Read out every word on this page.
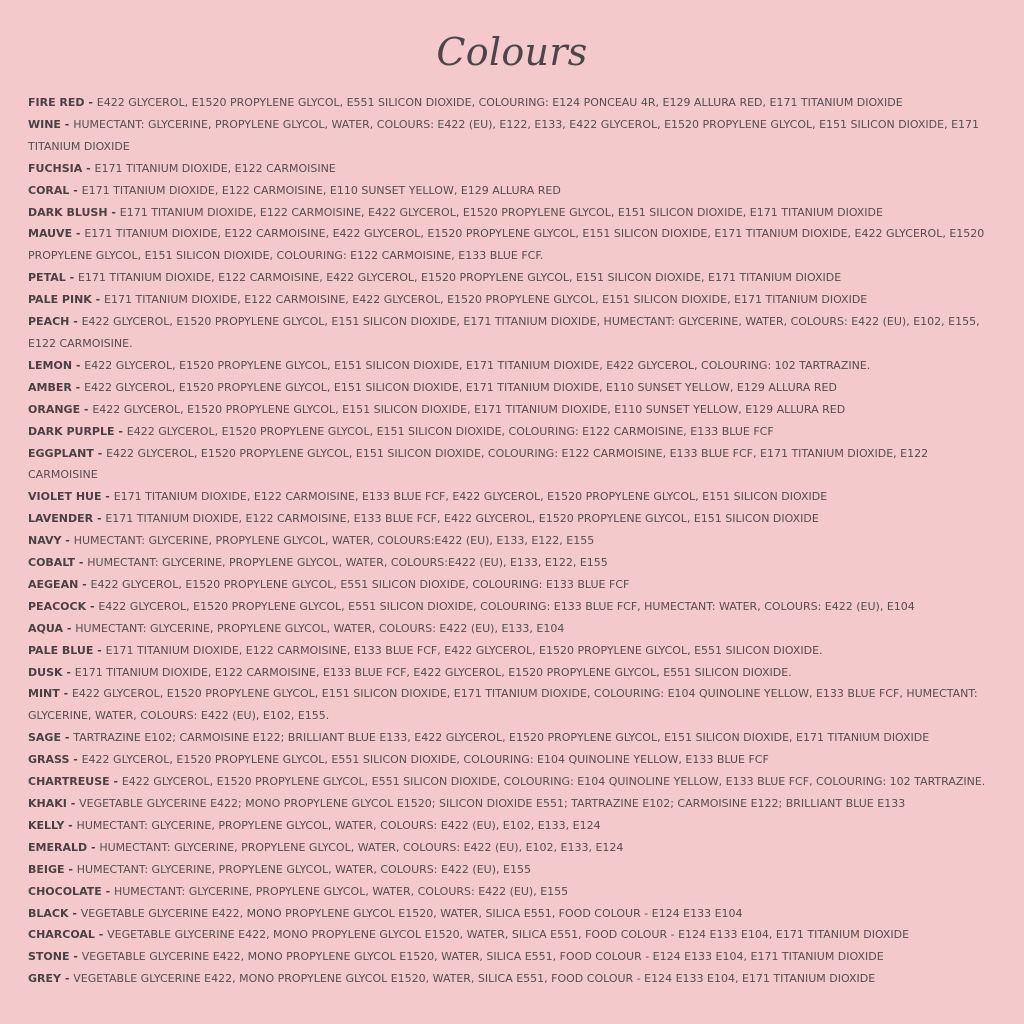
Colours
FIRE RED - E422 GLYCEROL, E1520 PROPYLENE GLYCOL, E551 SILICON DIOXIDE, COLOURING: E124 PONCEAU 4R, E129 ALLURA RED, E171 TITANIUM DIOXIDE
WINE - HUMECTANT: GLYCERINE, PROPYLENE GLYCOL, WATER, COLOURS: E422 (EU), E122, E133, E422 GLYCEROL, E1520 PROPYLENE GLYCOL, E151 SILICON DIOXIDE, E171 TITANIUM DIOXIDE
FUCHSIA - E171 TITANIUM DIOXIDE, E122 CARMOISINE
CORAL - E171 TITANIUM DIOXIDE, E122 CARMOISINE, E110 SUNSET YELLOW, E129 ALLURA RED
DARK BLUSH - E171 TITANIUM DIOXIDE, E122 CARMOISINE, E422 GLYCEROL, E1520 PROPYLENE GLYCOL, E151 SILICON DIOXIDE, E171 TITANIUM DIOXIDE
MAUVE - E171 TITANIUM DIOXIDE, E122 CARMOISINE, E422 GLYCEROL, E1520 PROPYLENE GLYCOL, E151 SILICON DIOXIDE, E171 TITANIUM DIOXIDE, E422 GLYCEROL, E1520 PROPYLENE GLYCOL, E151 SILICON DIOXIDE, COLOURING: E122 CARMOISINE, E133 BLUE FCF.
PETAL - E171 TITANIUM DIOXIDE, E122 CARMOISINE, E422 GLYCEROL, E1520 PROPYLENE GLYCOL, E151 SILICON DIOXIDE, E171 TITANIUM DIOXIDE
PALE PINK - E171 TITANIUM DIOXIDE, E122 CARMOISINE, E422 GLYCEROL, E1520 PROPYLENE GLYCOL, E151 SILICON DIOXIDE, E171 TITANIUM DIOXIDE
PEACH - E422 GLYCEROL, E1520 PROPYLENE GLYCOL, E151 SILICON DIOXIDE, E171 TITANIUM DIOXIDE, HUMECTANT: GLYCERINE, WATER, COLOURS: E422 (EU), E102, E155, E122 CARMOISINE.
LEMON - E422 GLYCEROL, E1520 PROPYLENE GLYCOL, E151 SILICON DIOXIDE, E171 TITANIUM DIOXIDE, E422 GLYCEROL, COLOURING: 102 TARTRAZINE.
AMBER - E422 GLYCEROL, E1520 PROPYLENE GLYCOL, E151 SILICON DIOXIDE, E171 TITANIUM DIOXIDE, E110 SUNSET YELLOW, E129 ALLURA RED
ORANGE - E422 GLYCEROL, E1520 PROPYLENE GLYCOL, E151 SILICON DIOXIDE, E171 TITANIUM DIOXIDE, E110 SUNSET YELLOW, E129 ALLURA RED
DARK PURPLE - E422 GLYCEROL, E1520 PROPYLENE GLYCOL, E151 SILICON DIOXIDE, COLOURING: E122 CARMOISINE, E133 BLUE FCF
EGGPLANT - E422 GLYCEROL, E1520 PROPYLENE GLYCOL, E151 SILICON DIOXIDE, COLOURING: E122 CARMOISINE, E133 BLUE FCF, E171 TITANIUM DIOXIDE, E122 CARMOISINE
VIOLET HUE - E171 TITANIUM DIOXIDE, E122 CARMOISINE, E133 BLUE FCF, E422 GLYCEROL, E1520 PROPYLENE GLYCOL, E151 SILICON DIOXIDE
LAVENDER - E171 TITANIUM DIOXIDE, E122 CARMOISINE, E133 BLUE FCF, E422 GLYCEROL, E1520 PROPYLENE GLYCOL, E151 SILICON DIOXIDE
NAVY - HUMECTANT: GLYCERINE, PROPYLENE GLYCOL, WATER, COLOURS:E422 (EU), E133, E122, E155
COBALT - HUMECTANT: GLYCERINE, PROPYLENE GLYCOL, WATER, COLOURS:E422 (EU), E133, E122, E155
AEGEAN - E422 GLYCEROL, E1520 PROPYLENE GLYCOL, E551 SILICON DIOXIDE, COLOURING: E133 BLUE FCF
PEACOCK - E422 GLYCEROL, E1520 PROPYLENE GLYCOL, E551 SILICON DIOXIDE, COLOURING: E133 BLUE FCF, HUMECTANT: WATER, COLOURS: E422 (EU), E104
AQUA - HUMECTANT: GLYCERINE, PROPYLENE GLYCOL, WATER, COLOURS: E422 (EU), E133, E104
PALE BLUE - E171 TITANIUM DIOXIDE, E122 CARMOISINE, E133 BLUE FCF, E422 GLYCEROL, E1520 PROPYLENE GLYCOL, E551 SILICON DIOXIDE.
DUSK - E171 TITANIUM DIOXIDE, E122 CARMOISINE, E133 BLUE FCF, E422 GLYCEROL, E1520 PROPYLENE GLYCOL, E551 SILICON DIOXIDE.
MINT - E422 GLYCEROL, E1520 PROPYLENE GLYCOL, E151 SILICON DIOXIDE, E171 TITANIUM DIOXIDE, COLOURING: E104 QUINOLINE YELLOW, E133 BLUE FCF, HUMECTANT: GLYCERINE, WATER, COLOURS: E422 (EU), E102, E155.
SAGE - TARTRAZINE E102; CARMOISINE E122; BRILLIANT BLUE E133, E422 GLYCEROL, E1520 PROPYLENE GLYCOL, E151 SILICON DIOXIDE, E171 TITANIUM DIOXIDE
GRASS - E422 GLYCEROL, E1520 PROPYLENE GLYCOL, E551 SILICON DIOXIDE, COLOURING: E104 QUINOLINE YELLOW, E133 BLUE FCF
CHARTREUSE - E422 GLYCEROL, E1520 PROPYLENE GLYCOL, E551 SILICON DIOXIDE, COLOURING: E104 QUINOLINE YELLOW, E133 BLUE FCF, COLOURING: 102 TARTRAZINE.
KHAKI - VEGETABLE GLYCERINE E422; MONO PROPYLENE GLYCOL E1520; SILICON DIOXIDE E551; TARTRAZINE E102; CARMOISINE E122; BRILLIANT BLUE E133
KELLY - HUMECTANT: GLYCERINE, PROPYLENE GLYCOL, WATER, COLOURS: E422 (EU), E102, E133, E124
EMERALD - HUMECTANT: GLYCERINE, PROPYLENE GLYCOL, WATER, COLOURS: E422 (EU), E102, E133, E124
BEIGE - HUMECTANT: GLYCERINE, PROPYLENE GLYCOL, WATER, COLOURS: E422 (EU), E155
CHOCOLATE - HUMECTANT: GLYCERINE, PROPYLENE GLYCOL, WATER, COLOURS: E422 (EU), E155
BLACK - VEGETABLE GLYCERINE E422, MONO PROPYLENE GLYCOL E1520, WATER, SILICA E551, FOOD COLOUR - E124 E133 E104
CHARCOAL - VEGETABLE GLYCERINE E422, MONO PROPYLENE GLYCOL E1520, WATER, SILICA E551, FOOD COLOUR - E124 E133 E104, E171 TITANIUM DIOXIDE
STONE - VEGETABLE GLYCERINE E422, MONO PROPYLENE GLYCOL E1520, WATER, SILICA E551, FOOD COLOUR - E124 E133 E104, E171 TITANIUM DIOXIDE
GREY - VEGETABLE GLYCERINE E422, MONO PROPYLENE GLYCOL E1520, WATER, SILICA E551, FOOD COLOUR - E124 E133 E104, E171 TITANIUM DIOXIDE
